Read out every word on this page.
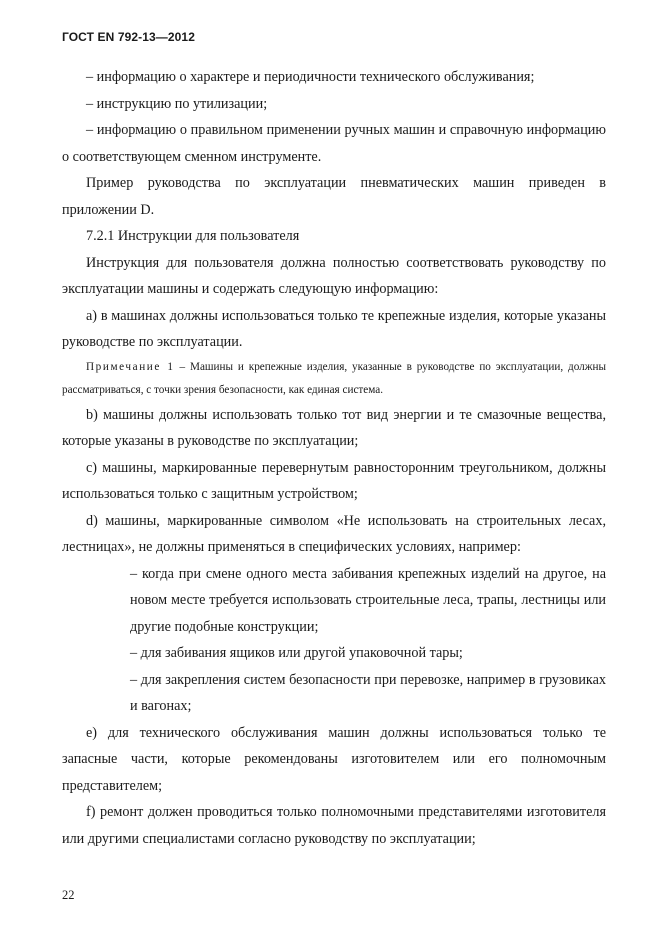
ГОСТ EN 792-13—2012

– информацию о характере и периодичности технического обслуживания;

– инструкцию по утилизации;

– информацию о правильном применении ручных машин и справочную информацию о соответствующем сменном инструменте.

Пример руководства по эксплуатации пневматических машин приведен в приложении D.

7.2.1 Инструкции для пользователя

Инструкция для пользователя должна полностью соответствовать руководству по эксплуатации машины и содержать следующую информацию:

а) в машинах должны использоваться только те крепежные изделия, которые указаны руководстве по эксплуатации.

Примечание 1 – Машины и крепежные изделия, указанные в руководстве по эксплуатации, должны рассматриваться, с точки зрения безопасности, как единая система.

b) машины должны использовать только тот вид энергии и те смазочные вещества, которые указаны в руководстве по эксплуатации;

с) машины, маркированные перевернутым равносторонним треугольником, должны использоваться только с защитным устройством;

d) машины, маркированные символом «Не использовать на строительных лесах, лестницах», не должны применяться в специфических условиях, например:

– когда при смене одного места забивания крепежных изделий на другое, на новом месте требуется использовать строительные леса, трапы, лестницы или другие подобные конструкции;

– для забивания ящиков или другой упаковочной тары;

– для закрепления систем безопасности при перевозке, например в грузовиках и вагонах;

е) для технического обслуживания машин должны использоваться только те запасные части, которые рекомендованы изготовителем или его полномочным представителем;

f) ремонт должен проводиться только полномочными представителями изготовителя или другими специалистами согласно руководству по эксплуатации;

22
